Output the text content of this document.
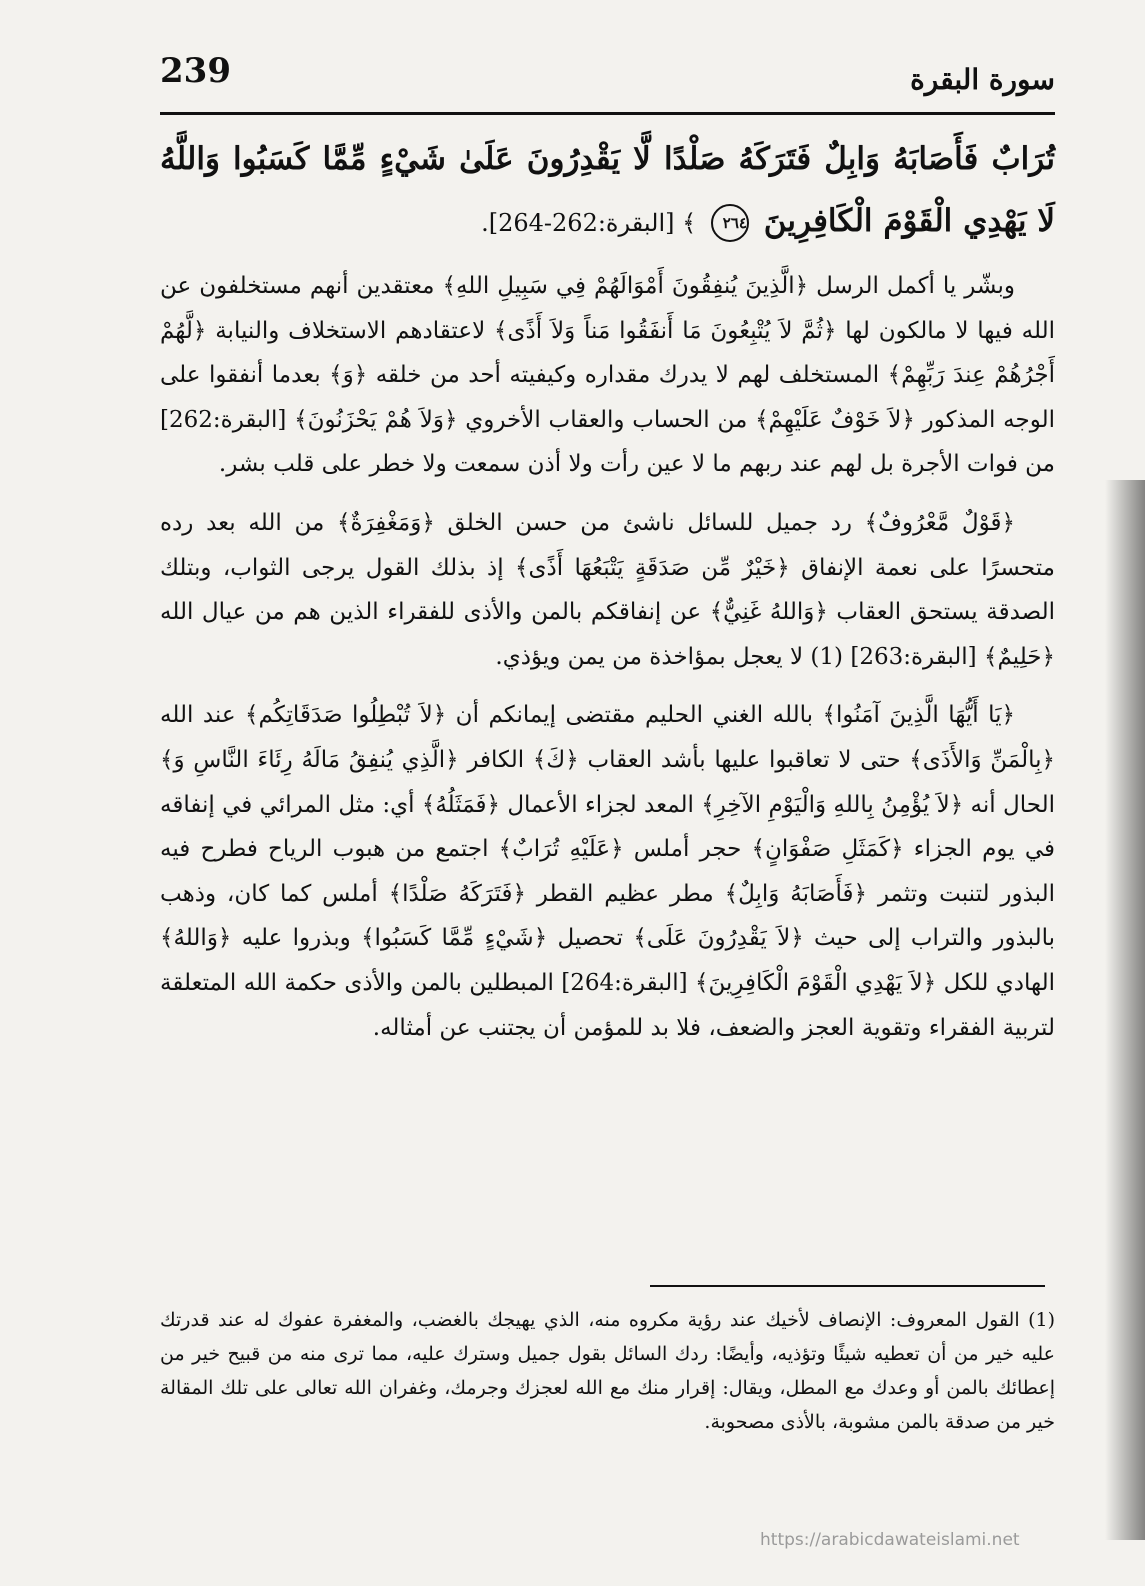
سورة البقرة
239

تُرَابٌ فَأَصَابَهُ وَابِلٌ فَتَرَكَهُ صَلْدًا لَّا يَقْدِرُونَ عَلَىٰ شَيْءٍ مِّمَّا كَسَبُوا وَاللَّهُ لَا يَهْدِي الْقَوْمَ الْكَافِرِينَ ٢٦٤ ﴾ [البقرة:262-264].

وبشّر يا أكمل الرسل ﴿الَّذِينَ يُنفِقُونَ أَمْوَالَهُمْ فِي سَبِيلِ اللهِ﴾ معتقدين أنهم مستخلفون عن الله فيها لا مالكون لها ﴿ثُمَّ لاَ يُتْبِعُونَ مَا أَنفَقُوا مَناً وَلاَ أَذًى﴾ لاعتقادهم الاستخلاف والنيابة ﴿لَّهُمْ أَجْرُهُمْ عِندَ رَبِّهِمْ﴾ المستخلف لهم لا يدرك مقداره وكيفيته أحد من خلقه ﴿وَ﴾ بعدما أنفقوا على الوجه المذكور ﴿لاَ خَوْفٌ عَلَيْهِمْ﴾ من الحساب والعقاب الأخروي ﴿وَلاَ هُمْ يَحْزَنُونَ﴾ [البقرة:262] من فوات الأجرة بل لهم عند ربهم ما لا عين رأت ولا أذن سمعت ولا خطر على قلب بشر.

﴿قَوْلٌ مَّعْرُوفٌ﴾ رد جميل للسائل ناشئ من حسن الخلق ﴿وَمَغْفِرَةٌ﴾ من الله بعد رده متحسرًا على نعمة الإنفاق ﴿خَيْرٌ مِّن صَدَقَةٍ يَتْبَعُهَا أَذًى﴾ إذ بذلك القول يرجى الثواب، وبتلك الصدقة يستحق العقاب ﴿وَاللهُ غَنِيٌّ﴾ عن إنفاقكم بالمن والأذى للفقراء الذين هم من عيال الله ﴿حَلِيمٌ﴾ [البقرة:263] (1) لا يعجل بمؤاخذة من يمن ويؤذي.

﴿يَا أَيُّهَا الَّذِينَ آمَنُوا﴾ بالله الغني الحليم مقتضى إيمانكم أن ﴿لاَ تُبْطِلُوا صَدَقَاتِكُم﴾ عند الله ﴿بِالْمَنِّ وَالأَذَى﴾ حتى لا تعاقبوا عليها بأشد العقاب ﴿كَ﴾ الكافر ﴿الَّذِي يُنفِقُ مَالَهُ رِئَاءَ النَّاسِ وَ﴾ الحال أنه ﴿لاَ يُؤْمِنُ بِاللهِ وَالْيَوْمِ الآخِرِ﴾ المعد لجزاء الأعمال ﴿فَمَثَلُهُ﴾ أي: مثل المرائي في إنفاقه في يوم الجزاء ﴿كَمَثَلِ صَفْوَانٍ﴾ حجر أملس ﴿عَلَيْهِ تُرَابٌ﴾ اجتمع من هبوب الرياح فطرح فيه البذور لتنبت وتثمر ﴿فَأَصَابَهُ وَابِلٌ﴾ مطر عظيم القطر ﴿فَتَرَكَهُ صَلْدًا﴾ أملس كما كان، وذهب بالبذور والتراب إلى حيث ﴿لاَ يَقْدِرُونَ عَلَى﴾ تحصيل ﴿شَيْءٍ مِّمَّا كَسَبُوا﴾ وبذروا عليه ﴿وَاللهُ﴾ الهادي للكل ﴿لاَ يَهْدِي الْقَوْمَ الْكَافِرِينَ﴾ [البقرة:264] المبطلين بالمن والأذى حكمة الله المتعلقة لتربية الفقراء وتقوية العجز والضعف، فلا بد للمؤمن أن يجتنب عن أمثاله.

(1) القول المعروف: الإنصاف لأخيك عند رؤية مكروه منه، الذي يهيجك بالغضب، والمغفرة عفوك له عند قدرتك عليه خير من أن تعطيه شيئًا وتؤذيه، وأيضًا: ردك السائل بقول جميل وسترك عليه، مما ترى منه من قبيح خير من إعطائك بالمن أو وعدك مع المطل، ويقال: إقرار منك مع الله لعجزك وجرمك، وغفران الله تعالى على تلك المقالة خير من صدقة بالمن مشوبة، بالأذى مصحوبة.

https://arabicdawateislami.net
